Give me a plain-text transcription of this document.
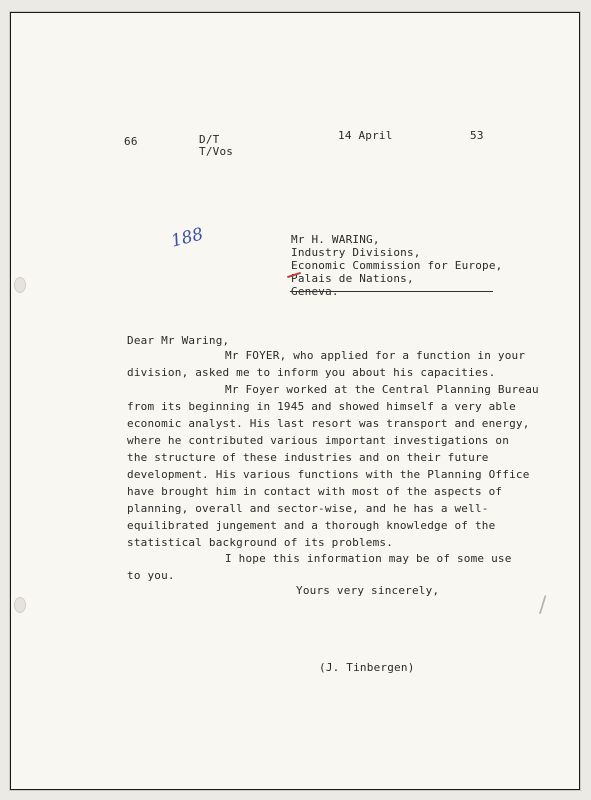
/
66	D/T
T/Vos
14 April	53
188	Mr H. WARING,
Industry Divisions,
Economic Commission for Europe,
Palais de Nations,
Geneva.
Dear Mr Waring,
Mr FOYER, who applied for a function in your
division, asked me to inform you about his capacities.
Mr Foyer worked at the Central Planning Bureau
from its beginning in 1945 and showed himself a very able
economic analyst. His last resort was transport and energy,
where he contributed various important investigations on
the structure of these industries and on their future
development. His various functions with the Planning Office
have brought him in contact with most of the aspects of
planning, overall and sector-wise, and he has a well-
equilibrated jungement and a thorough knowledge of the
statistical background of its problems.
I hope this information may be of some use
to you.
Yours very sincerely,
(J. Tinbergen)
